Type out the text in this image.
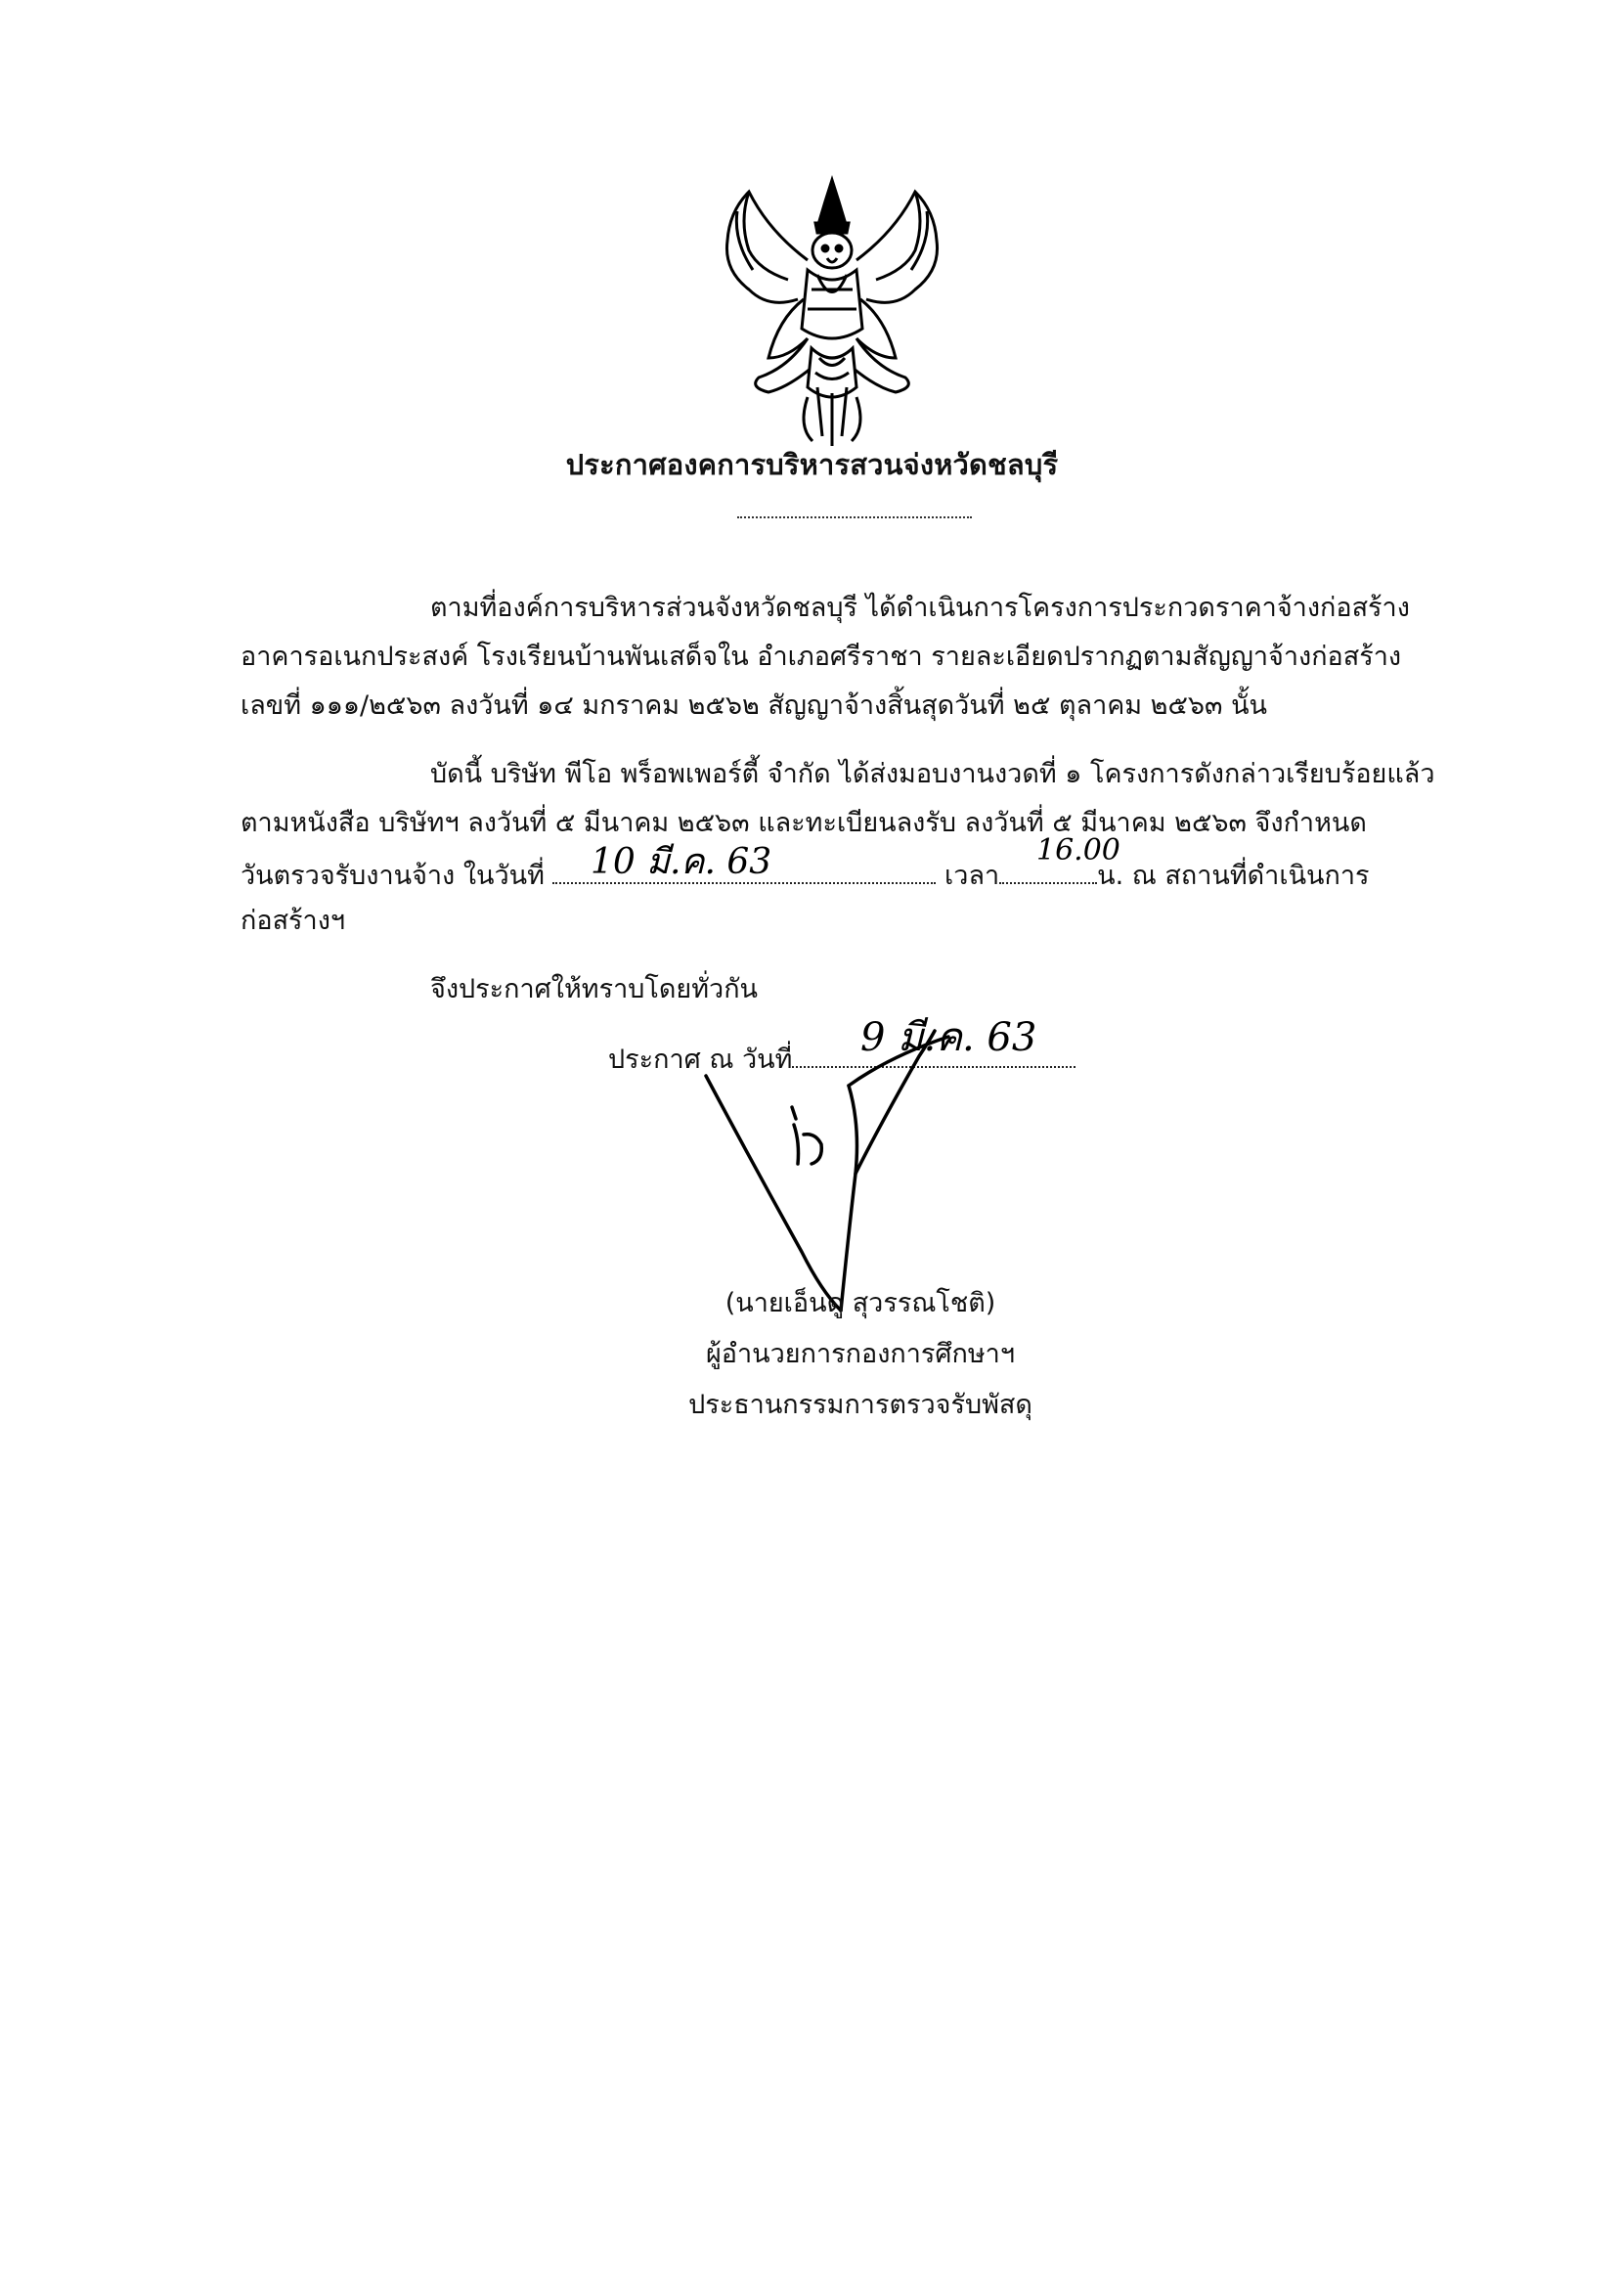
ประกาศองคการบริหารสวนจ่งหวัดชลบุรี
ตามที่องค์การบริหารส่วนจังหวัดชลบุรี ได้ดำเนินการโครงการประกวดราคาจ้างก่อสร้าง
อาคารอเนกประสงค์ โรงเรียนบ้านพันเสด็จใน อำเภอศรีราชา รายละเอียดปรากฏตามสัญญาจ้างก่อสร้าง
เลขที่ ๑๑๑/๒๕๖๓ ลงวันที่ ๑๔ มกราคม ๒๕๖๒ สัญญาจ้างสิ้นสุดวันที่ ๒๕ ตุลาคม ๒๕๖๓ นั้น
บัดนี้ บริษัท พีโอ พร็อพเพอร์ตี้ จำกัด ได้ส่งมอบงานงวดที่ ๑ โครงการดังกล่าวเรียบร้อยแล้ว
ตามหนังสือ บริษัทฯ ลงวันที่ ๕ มีนาคม ๒๕๖๓ และทะเบียนลงรับ ลงวันที่ ๕ มีนาคม ๒๕๖๓ จึงกำหนด
วันตรวจรับงานจ้าง ในวันที่	เวลา	น. ณ สถานที่ดำเนินการ
10 มี.ค. 63	16.00
ก่อสร้างฯ
จึงประกาศให้ทราบโดยทั่วกัน
ประกาศ ณ วันที่	9 มี.ค. 63
(นายเอ็นดู สุวรรณโชติ)
ผู้อำนวยการกองการศึกษาฯ
ประธานกรรมการตรวจรับพัสดุ
